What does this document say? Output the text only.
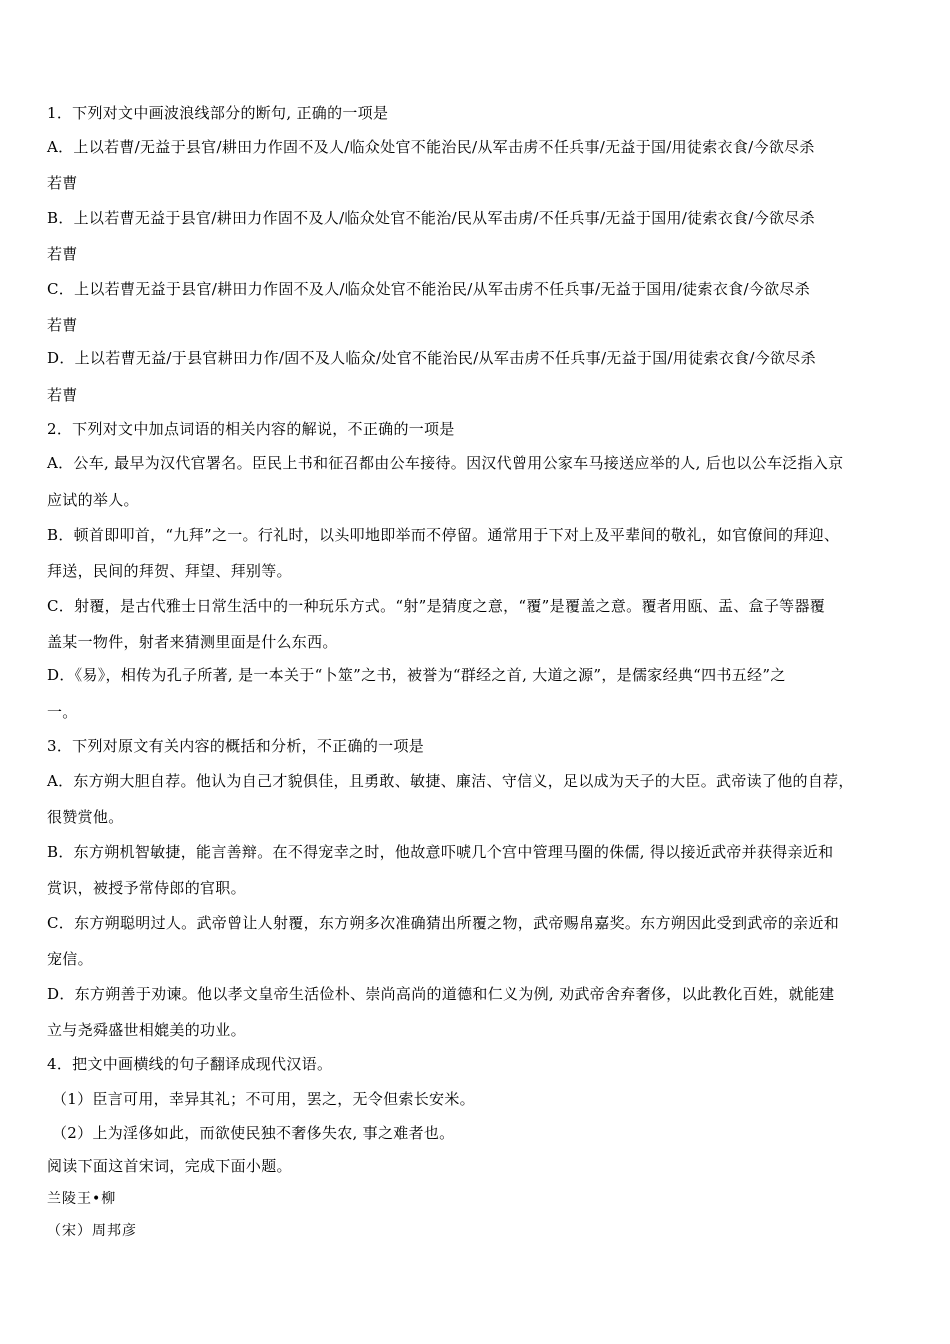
1．下列对文中画波浪线部分的断句, 正确的一项是
A．上以若曹/无益于县官/耕田力作固不及人/临众处官不能治民/从军击虏不任兵事/无益于国/用徒索衣食/今欲尽杀
若曹
B．上以若曹无益于县官/耕田力作固不及人/临众处官不能治/民从军击虏/不任兵事/无益于国用/徒索衣食/今欲尽杀
若曹
C．上以若曹无益于县官/耕田力作固不及人/临众处官不能治民/从军击虏不任兵事/无益于国用/徒索衣食/今欲尽杀
若曹
D．上以若曹无益/于县官耕田力作/固不及人临众/处官不能治民/从军击虏不任兵事/无益于国/用徒索衣食/今欲尽杀
若曹
2．下列对文中加点词语的相关内容的解说，不正确的一项是
A．公车, 最早为汉代官署名。臣民上书和征召都由公车接待。因汉代曾用公家车马接送应举的人, 后也以公车泛指入京
应试的举人。
B．顿首即叩首，“九拜”之一。行礼时，以头叩地即举而不停留。通常用于下对上及平辈间的敬礼，如官僚间的拜迎、
拜送，民间的拜贺、拜望、拜别等。
C．射覆，是古代雅士日常生活中的一种玩乐方式。“射”是猜度之意，“覆”是覆盖之意。覆者用瓯、盂、盒子等器覆
盖某一物件，射者来猜测里面是什么东西。
D．《易》，相传为孔子所著, 是一本关于“卜筮”之书，被誉为“群经之首, 大道之源”，是儒家经典“四书五经”之
一。
3．下列对原文有关内容的概括和分析，不正确的一项是
A．东方朔大胆自荐。他认为自己才貌俱佳，且勇敢、敏捷、廉洁、守信义，足以成为天子的大臣。武帝读了他的自荐，
很赞赏他。
B．东方朔机智敏捷，能言善辩。在不得宠幸之时，他故意吓唬几个宫中管理马圈的侏儒, 得以接近武帝并获得亲近和
赏识，被授予常侍郎的官职。
C．东方朔聪明过人。武帝曾让人射覆，东方朔多次准确猜出所覆之物，武帝赐帛嘉奖。东方朔因此受到武帝的亲近和
宠信。
D．东方朔善于劝谏。他以孝文皇帝生活俭朴、崇尚高尚的道德和仁义为例, 劝武帝舍弃奢侈，以此教化百姓，就能建
立与尧舜盛世相媲美的功业。
4．把文中画横线的句子翻译成现代汉语。
（1）臣言可用，幸异其礼；不可用，罢之，无令但索长安米。
（2）上为淫侈如此，而欲使民独不奢侈失农, 事之难者也。
阅读下面这首宋词，完成下面小题。
兰陵王•柳
（宋）周邦彦
